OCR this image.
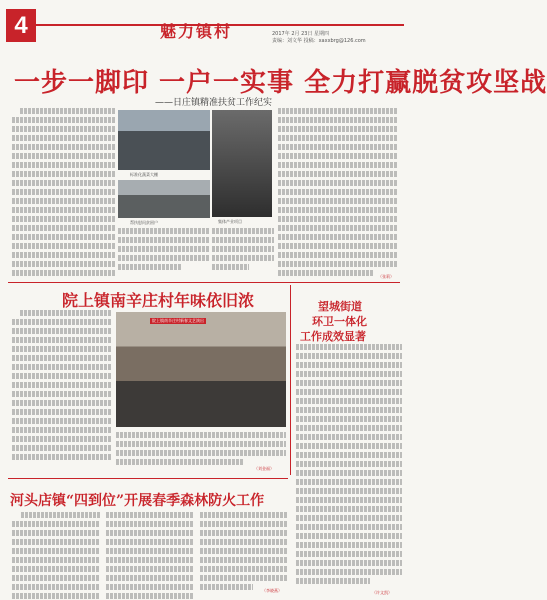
4	魅力镇村	2017年 2月 23日 星期四
责编：刘文华 投稿：xaxxbrg@126.com
一步一脚印 一户一实事 全力打赢脱贫攻坚战
——日庄镇精准扶贫工作纪实
标准化蔬菜大棚
集体产业项目
帮扶慰问贫困户
（张莉）
院上镇南辛庄村年味依旧浓
院上镇南辛庄村新春文艺演出
（刘金福）
望城街道
环卫一体化
工作成效显著
（许文凯）
河头店镇“四到位”开展春季森林防火工作
（李晓燕）
